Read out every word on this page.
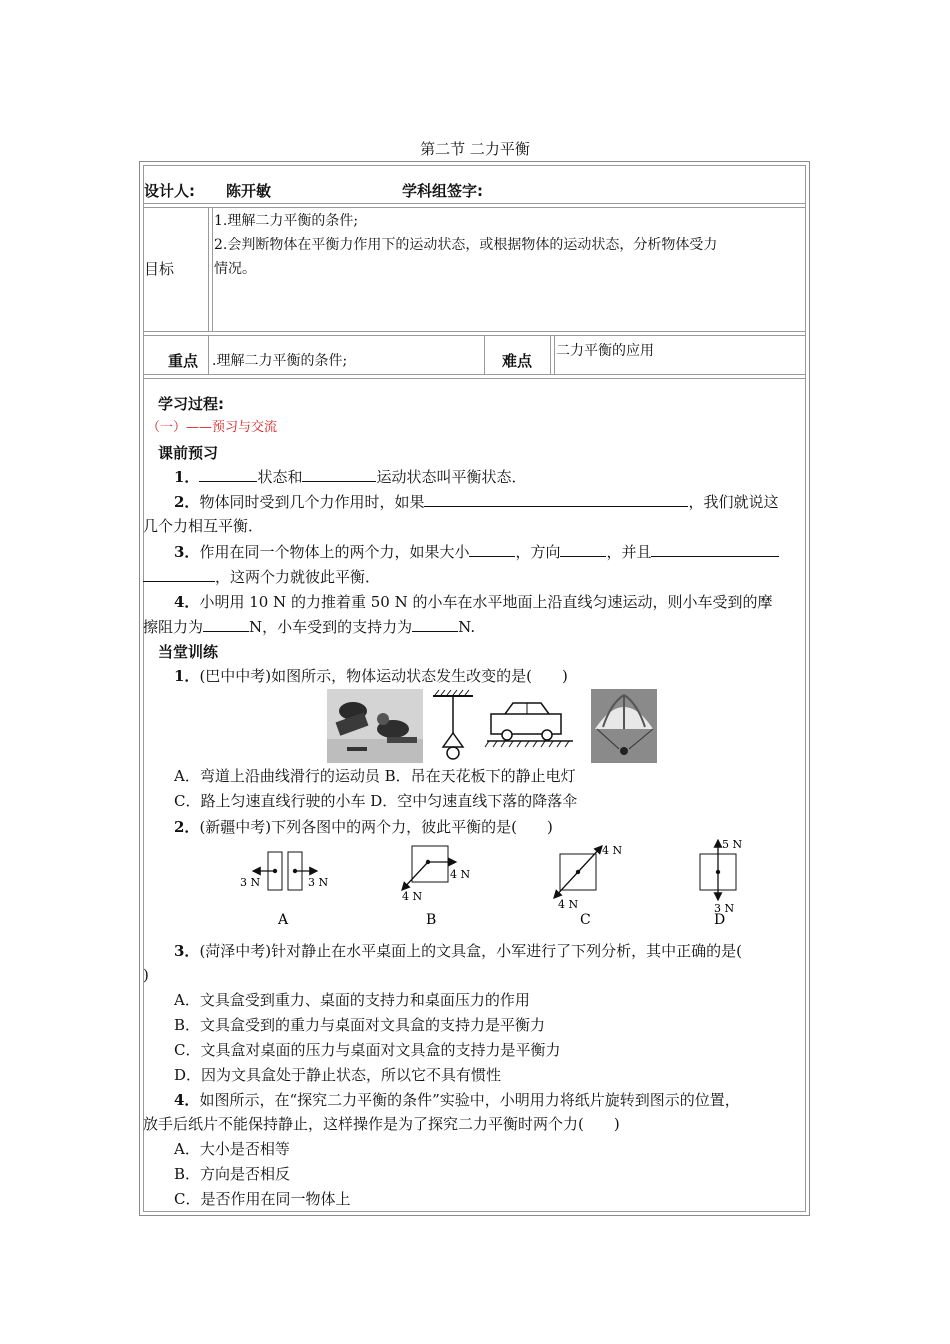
第二节 二力平衡
设计人: 陈开敏	学科组签字:
目标
1.理解二力平衡的条件;
2.会判断物体在平衡力作用下的运动状态，或根据物体的运动状态，分析物体受力
情况。
重点 .理解二力平衡的条件;	难点
二力平衡的应用
学习过程:
（一）——预习与交流
课前预习
1．	状态和	运动状态叫平衡状态．
2．物体同时受到几个力作用时，如果	，我们就说这
几个力相互平衡．
3．作用在同一个物体上的两个力，如果大小	，方向	，并且
，这两个力就彼此平衡．
4．小明用 10 N 的力推着重 50 N 的小车在水平地面上沿直线匀速运动，则小车受到的摩
擦阻力为	N，小车受到的支持力为	N.
当堂训练
1．(巴中中考)如图所示，物体运动状态发生改变的是(　　)
A．弯道上沿曲线滑行的运动员 B．吊在天花板下的静止电灯
C．路上匀速直线行驶的小车 D．空中匀速直线下落的降落伞
2．(新疆中考)下列各图中的两个力，彼此平衡的是(　　)
3 N	3 N
A
4 N
4 N
B
4 N
4 N
C
5 N
3 N
D
3．(菏泽中考)针对静止在水平桌面上的文具盒，小军进行了下列分析，其中正确的是(
)
A．文具盒受到重力、桌面的支持力和桌面压力的作用
B．文具盒受到的重力与桌面对文具盒的支持力是平衡力
C．文具盒对桌面的压力与桌面对文具盒的支持力是平衡力
D．因为文具盒处于静止状态，所以它不具有惯性
4．如图所示，在“探究二力平衡的条件”实验中，小明用力将纸片旋转到图示的位置，
放手后纸片不能保持静止，这样操作是为了探究二力平衡时两个力(　　)
A．大小是否相等
B．方向是否相反
C．是否作用在同一物体上
